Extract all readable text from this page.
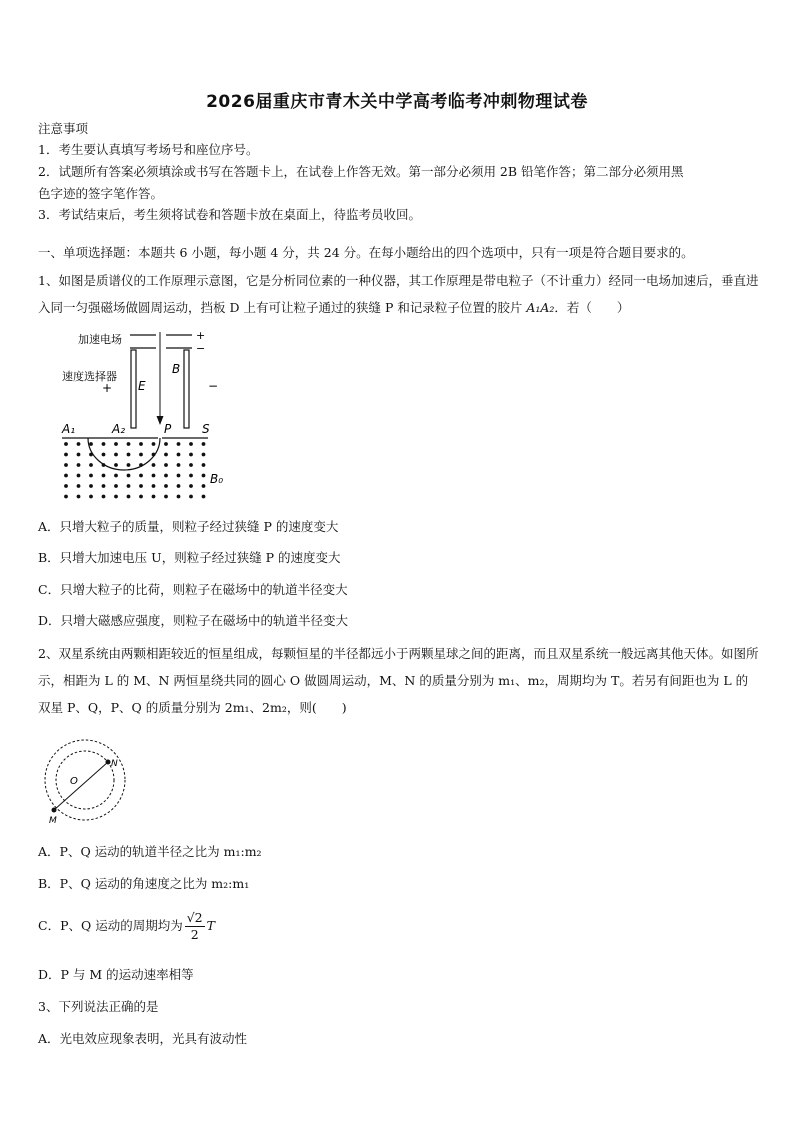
2026届重庆市青木关中学高考临考冲刺物理试卷
注意事项
1．考生要认真填写考场号和座位序号。
2．试题所有答案必须填涂或书写在答题卡上，在试卷上作答无效。第一部分必须用 2B 铅笔作答；第二部分必须用黑
色字迹的签字笔作答。
3．考试结束后，考生须将试卷和答题卡放在桌面上，待监考员收回。
一、单项选择题：本题共 6 小题，每小题 4 分，共 24 分。在每小题给出的四个选项中，只有一项是符合题目要求的。
1、如图是质谱仪的工作原理示意图，它是分析同位素的一种仪器，其工作原理是带电粒子（不计重力）经同一电场加速后，垂直进入同一匀强磁场做圆周运动，挡板 D 上有可让粒子通过的狭缝 P 和记录粒子位置的胶片 A₁A₂．若（　　）
加速电场	+
−
速度选择器
+ E
B
−
A₁	A₂	P	S
B₀
A．只增大粒子的质量，则粒子经过狭缝 P 的速度变大
B．只增大加速电压 U，则粒子经过狭缝 P 的速度变大
C．只增大粒子的比荷，则粒子在磁场中的轨道半径变大
D．只增大磁感应强度，则粒子在磁场中的轨道半径变大
2、双星系统由两颗相距较近的恒星组成，每颗恒星的半径都远小于两颗星球之间的距离，而且双星系统一般远离其他天体。如图所示，相距为 L 的 M、N 两恒星绕共同的圆心 O 做圆周运动，M、N 的质量分别为 m₁、m₂，周期均为 T。若另有间距也为 L 的双星 P、Q，P、Q 的质量分别为 2m₁、2m₂，则(　　)
O
N
M
A．P、Q 运动的轨道半径之比为 m₁:m₂
B．P、Q 运动的角速度之比为 m₂:m₁
C．P、Q 运动的周期均为 $\frac{√2}{2}$ T
D．P 与 M 的运动速率相等
3、下列说法正确的是
A．光电效应现象表明，光具有波动性
